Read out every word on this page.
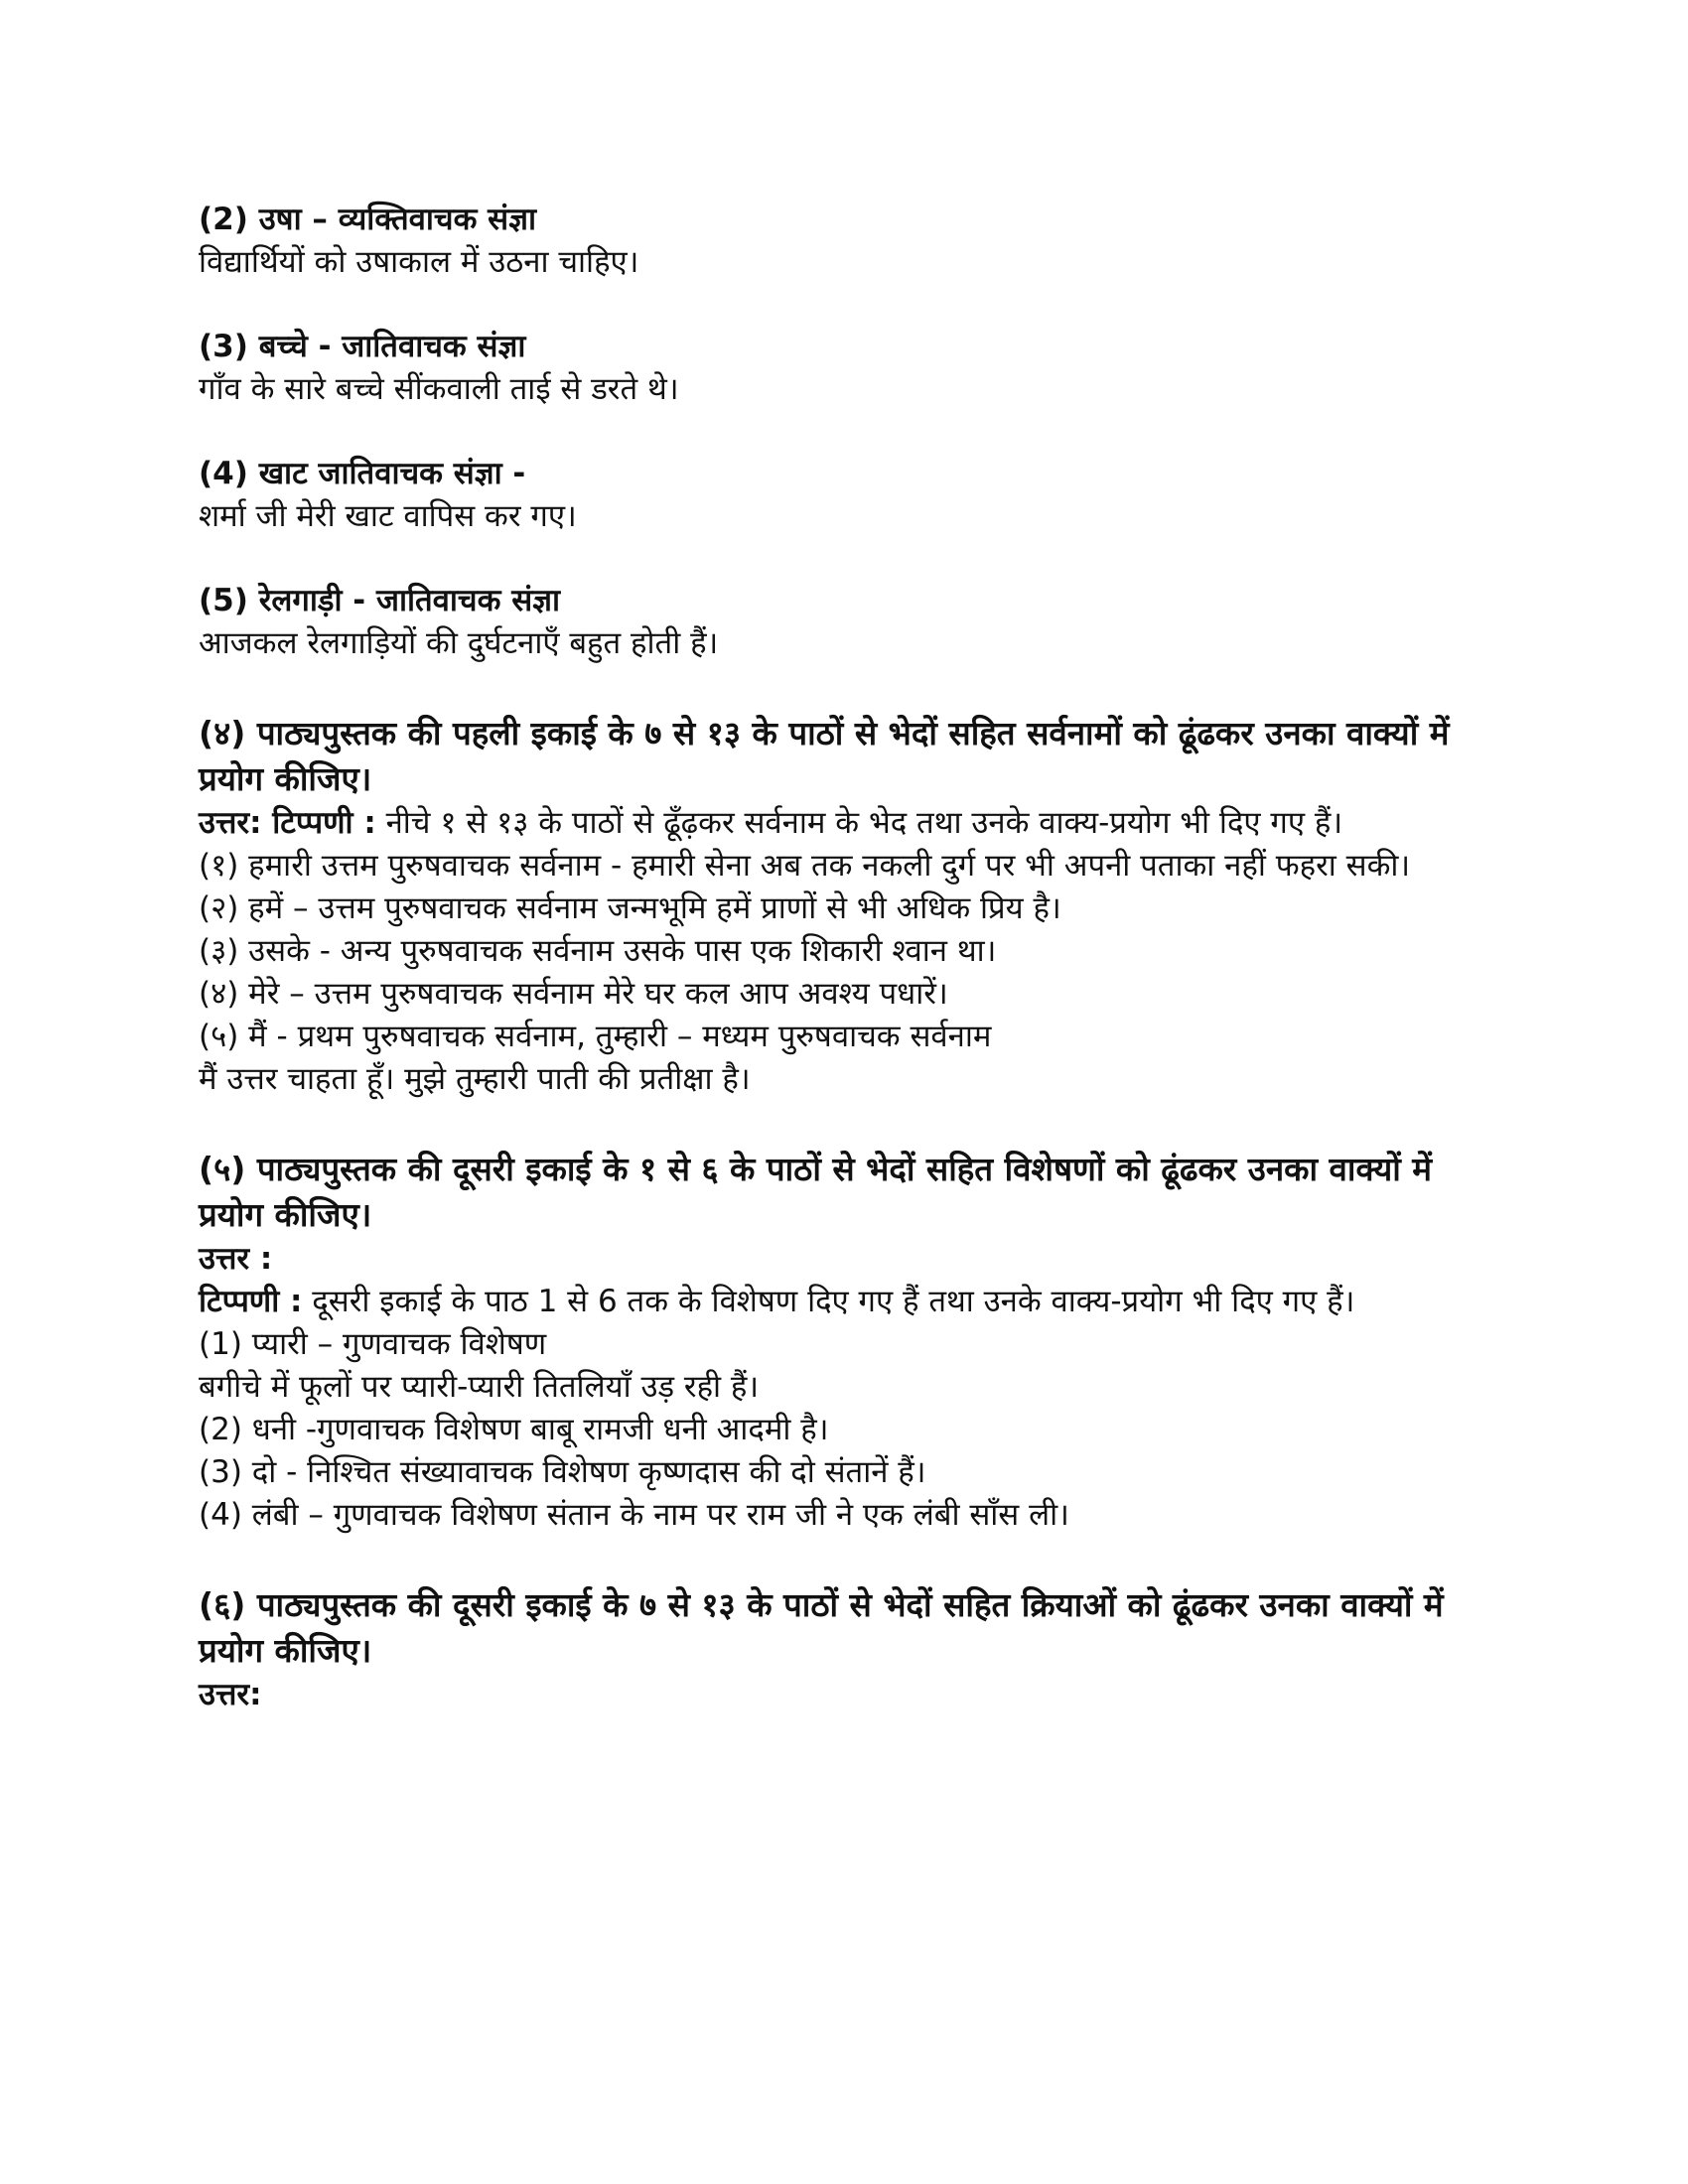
(2) उषा – व्यक्तिवाचक संज्ञा

विद्यार्थियों को उषाकाल में उठना चाहिए।

(3) बच्चे - जातिवाचक संज्ञा

गाँव के सारे बच्चे सींकवाली ताई से डरते थे।

(4) खाट जातिवाचक संज्ञा -

शर्मा जी मेरी खाट वापिस कर गए।

(5) रेलगाड़ी - जातिवाचक संज्ञा

आजकल रेलगाड़ियों की दुर्घटनाएँ बहुत होती हैं।

(४) पाठ्यपुस्तक की पहली इकाई के ७ से १३ के पाठों से भेदों सहित सर्वनामों को ढूंढकर उनका वाक्यों में प्रयोग कीजिए।

उत्तर: टिप्पणी : नीचे १ से १३ के पाठों से ढूँढ़कर सर्वनाम के भेद तथा उनके वाक्य-प्रयोग भी दिए गए हैं।

(१) हमारी उत्तम पुरुषवाचक सर्वनाम - हमारी सेना अब तक नकली दुर्ग पर भी अपनी पताका नहीं फहरा सकी।

(२) हमें – उत्तम पुरुषवाचक सर्वनाम जन्मभूमि हमें प्राणों से भी अधिक प्रिय है।

(३) उसके - अन्य पुरुषवाचक सर्वनाम उसके पास एक शिकारी श्वान था।

(४) मेरे – उत्तम पुरुषवाचक सर्वनाम मेरे घर कल आप अवश्य पधारें।

(५) मैं - प्रथम पुरुषवाचक सर्वनाम, तुम्हारी – मध्यम पुरुषवाचक सर्वनाम

मैं उत्तर चाहता हूँ। मुझे तुम्हारी पाती की प्रतीक्षा है।

(५) पाठ्यपुस्तक की दूसरी इकाई के १ से ६ के पाठों से भेदों सहित विशेषणों को ढूंढकर उनका वाक्यों में प्रयोग कीजिए।

उत्तर :

टिप्पणी : दूसरी इकाई के पाठ 1 से 6 तक के विशेषण दिए गए हैं तथा उनके वाक्य-प्रयोग भी दिए गए हैं।

(1) प्यारी – गुणवाचक विशेषण

बगीचे में फूलों पर प्यारी-प्यारी तितलियाँ उड़ रही हैं।

(2) धनी -गुणवाचक विशेषण बाबू रामजी धनी आदमी है।

(3) दो - निश्चित संख्यावाचक विशेषण कृष्णदास की दो संतानें हैं।

(4) लंबी – गुणवाचक विशेषण संतान के नाम पर राम जी ने एक लंबी साँस ली।

(६) पाठ्यपुस्तक की दूसरी इकाई के ७ से १३ के पाठों से भेदों सहित क्रियाओं को ढूंढकर उनका वाक्यों में प्रयोग कीजिए।

उत्तर:
